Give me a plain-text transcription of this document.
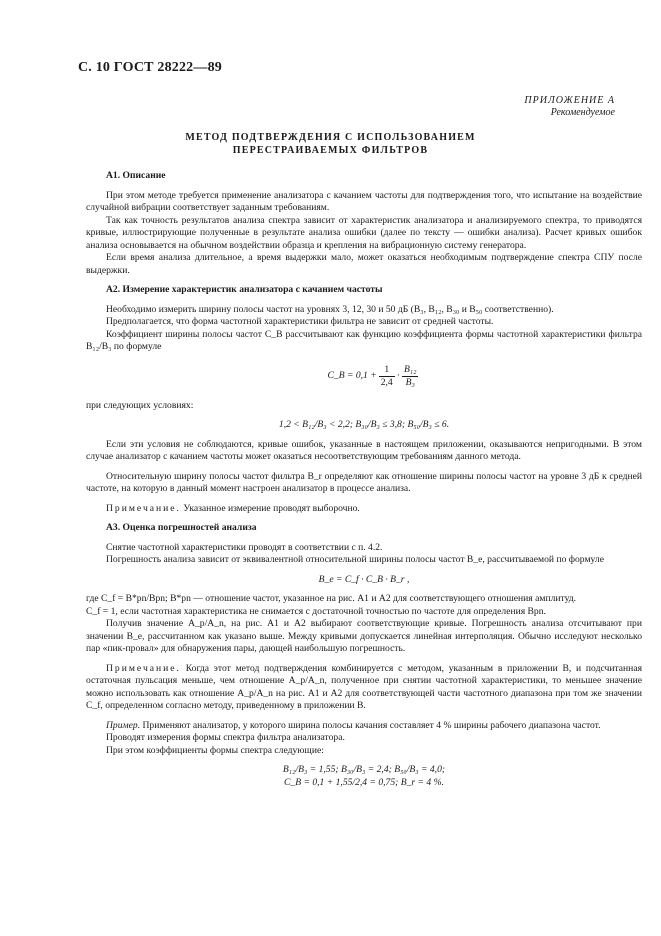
С. 10 ГОСТ 28222—89
ПРИЛОЖЕНИЕ А
Рекомендуемое
МЕТОД ПОДТВЕРЖДЕНИЯ С ИСПОЛЬЗОВАНИЕМ
ПЕРЕСТРАИВАЕМЫХ ФИЛЬТРОВ
А1. Описание

При этом методе требуется применение анализатора с качанием частоты для подтверждения того, что испытание на воздействие случайной вибрации соответствует заданным требованиям.

Так как точность результатов анализа спектра зависит от характеристик анализатора и анализируемого спектра, то приводятся кривые, иллюстрирующие полученные в результате анализа ошибки (далее по тексту — ошибки анализа). Расчет кривых ошибок анализа основывается на обычном воздействии образца и крепления на вибрационную систему генератора.

Если время анализа длительное, а время выдержки мало, может оказаться необходимым подтверждение спектра СПУ после выдержки.

А2. Измерение характеристик анализатора с качанием частоты

Необходимо измерить ширину полосы частот на уровнях 3, 12, 30 и 50 дБ (B₃, B₁₂, B₃₀ и B₅₀ соответственно).

Предполагается, что форма частотной характеристики фильтра не зависит от средней частоты.

Коэффициент ширины полосы частот C_B рассчитывают как функцию коэффициента формы частотной характеристики фильтра B₁₂/B₃ по формуле

C_B = $0,1 + \frac{1}{2,4} \cdot \frac{\text{B₁₂}}{\text{B₃}}$

при следующих условиях:

1,2 < B₁₂/B₃ < 2,2; B₃₀/B₃ ≤ 3,8; B₅₀/B₃ ≤ 6.

Если эти условия не соблюдаются, кривые ошибок, указанные в настоящем приложении, оказываются непригодными. В этом случае анализатор с качанием частоты может оказаться несоответствующим требованиям данного метода.

Относительную ширину полосы частот фильтра B_r определяют как отношение ширины полосы частот на уровне 3 дБ к средней частоте, на которую в данный момент настроен анализатор в процессе анализа.

Примечание. Указанное измерение проводят выборочно.

А3. Оценка погрешностей анализа

Снятие частотной характеристики проводят в соответствии с п. 4.2.

Погрешность анализа зависит от эквивалентной относительной ширины полосы частот B_e, рассчитываемой по формуле

B_e = C_f · C_B · B_r ,

где C_f = B*pn/Bpn; B*pn — отношение частот, указанное на рис. А1 и А2 для соответствующего отношения амплитуд.

C_f = 1, если частотная характеристика не снимается с достаточной точностью по частоте для определения Bpn.

Получив значение A_p/A_n, на рис. А1 и А2 выбирают соответствующие кривые. Погрешность анализа отсчитывают при значении B_e, рассчитанном как указано выше. Между кривыми допускается линейная интерполяция. Обычно исследуют несколько пар «пик-провал» для обнаружения пары, дающей наибольшую погрешность.

Примечание. Когда этот метод подтверждения комбинируется с методом, указанным в приложении В, и подсчитанная остаточная пульсация меньше, чем отношение A_p/A_n, полученное при снятии частотной характеристики, то меньшее значение можно использовать как отношение A_p/A_n на рис. А1 и А2 для соответствующей части частотного диапазона при том же значении C_f, определенном согласно методу, приведенному в приложении В.

Пример. Применяют анализатор, у которого ширина полосы качания составляет 4 % ширины рабочего диапазона частот.

Проводят измерения формы спектра фильтра анализатора.

При этом коэффициенты формы спектра следующие:

B₁₂/B₃ = 1,55; B₃₀/B₃ = 2,4; B₅₀/B₃ = 4,0;

C_B = 0,1 + 1,55/2,4 = 0,75; B_r = 4 %.
